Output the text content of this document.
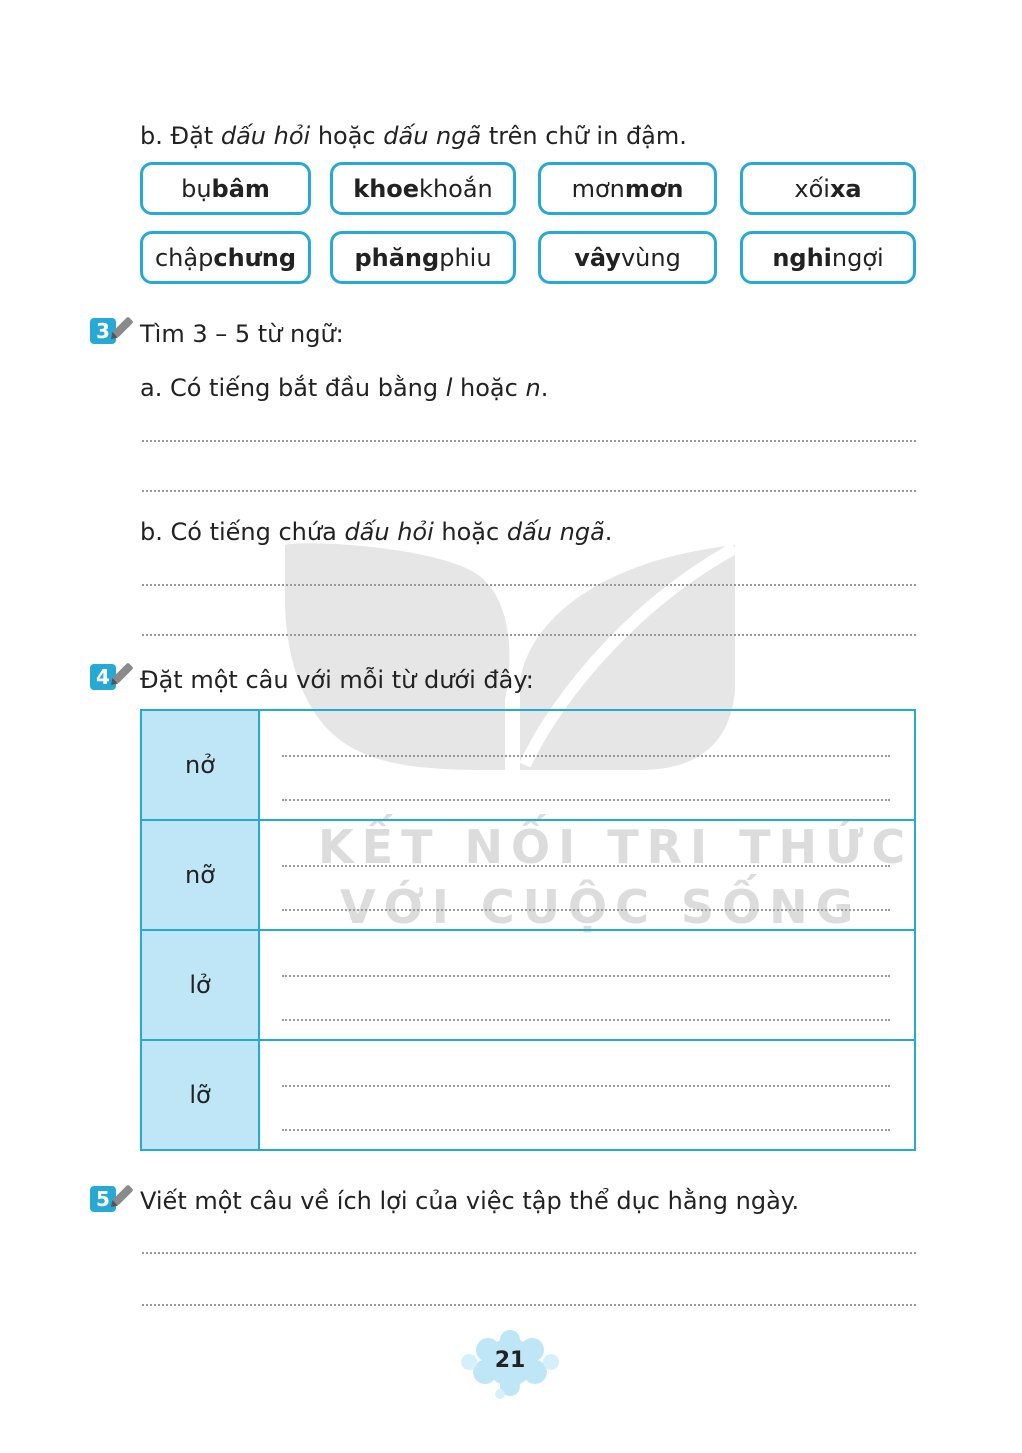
KẾT NỐI TRI THỨC
VỚI CUỘC SỐNG
b. Đặt dấu hỏi hoặc dấu ngã trên chữ in đậm.
bụ bâm	khoe khoắn	mơn mơn	xối xa
chập chưng phăng phiu	vây vùng	nghi ngợi
3 Tìm 3 – 5 từ ngữ:
a. Có tiếng bắt đầu bằng l hoặc n.
b. Có tiếng chứa dấu hỏi hoặc dấu ngã.
4 Đặt một câu với mỗi từ dưới đây:
nở	

nỡ	

lở	

lỡ	
5 Viết một câu về ích lợi của việc tập thể dục hằng ngày.
21
